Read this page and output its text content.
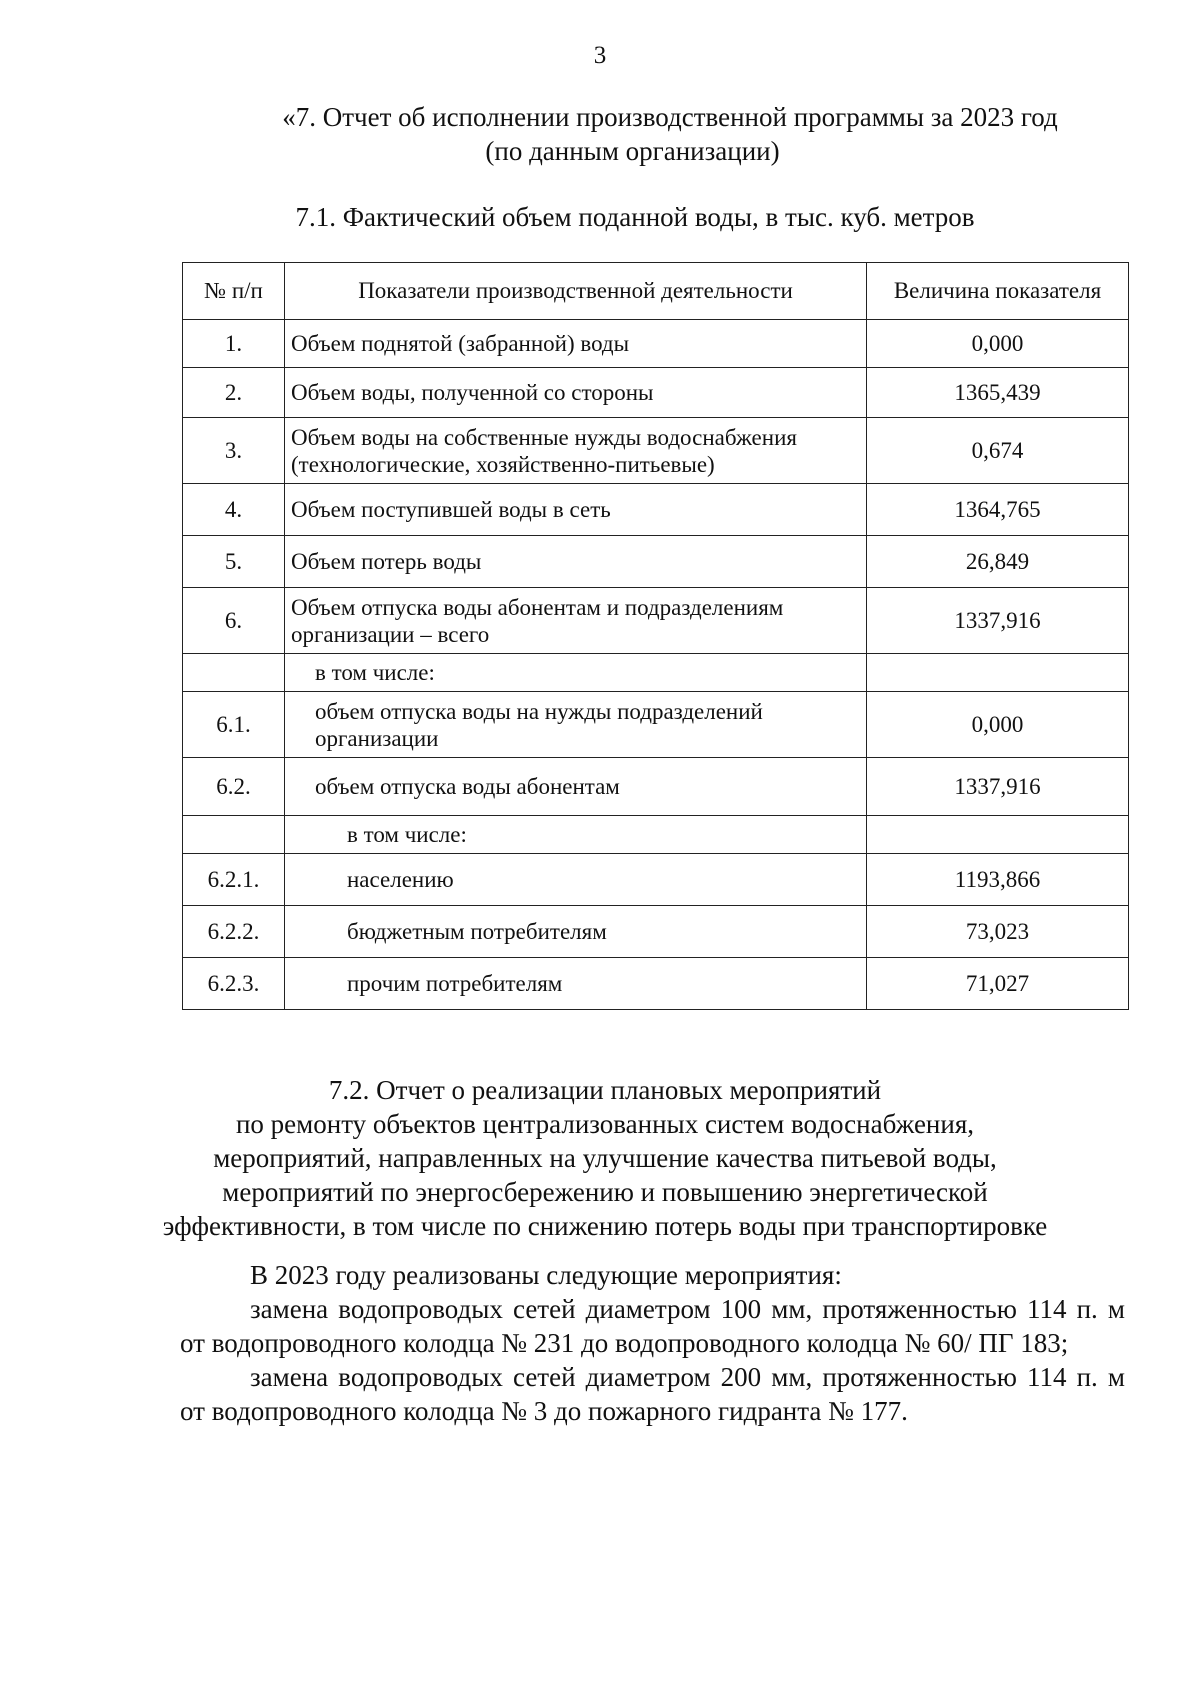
3
«7. Отчет об исполнении производственной программы за 2023 год
(по данным организации)
7.1. Фактический объем поданной воды, в тыс. куб. метров
№ п/п	Показатели производственной деятельности	Величина показателя
1.	Объем поднятой (забранной) воды	0,000
2.	Объем воды, полученной со стороны	1365,439
3.	Объем воды на собственные нужды водоснабжения (технологические, хозяйственно-питьевые)	0,674
4.	Объем поступившей воды в сеть	1364,765
5.	Объем потерь воды	26,849
6.	Объем отпуска воды абонентам и подразделениям организации – всего	1337,916
	в том числе:	
6.1.	объем отпуска воды на нужды подразделений организации	0,000
6.2.	объем отпуска воды абонентам	1337,916
	в том числе:	
6.2.1.	населению	1193,866
6.2.2.	бюджетным потребителям	73,023
6.2.3.	прочим потребителям	71,027
7.2. Отчет о реализации плановых мероприятий
по ремонту объектов централизованных систем водоснабжения,
мероприятий, направленных на улучшение качества питьевой воды,
мероприятий по энергосбережению и повышению энергетической
эффективности, в том числе по снижению потерь воды при транспортировке

В 2023 году реализованы следующие мероприятия:

замена водопроводых сетей диаметром 100 мм, протяженностью 114 п. м от водопроводного колодца № 231 до водопроводного колодца № 60/ ПГ 183;

замена водопроводых сетей диаметром 200 мм, протяженностью 114 п. м от водопроводного колодца № 3 до пожарного гидранта № 177.
